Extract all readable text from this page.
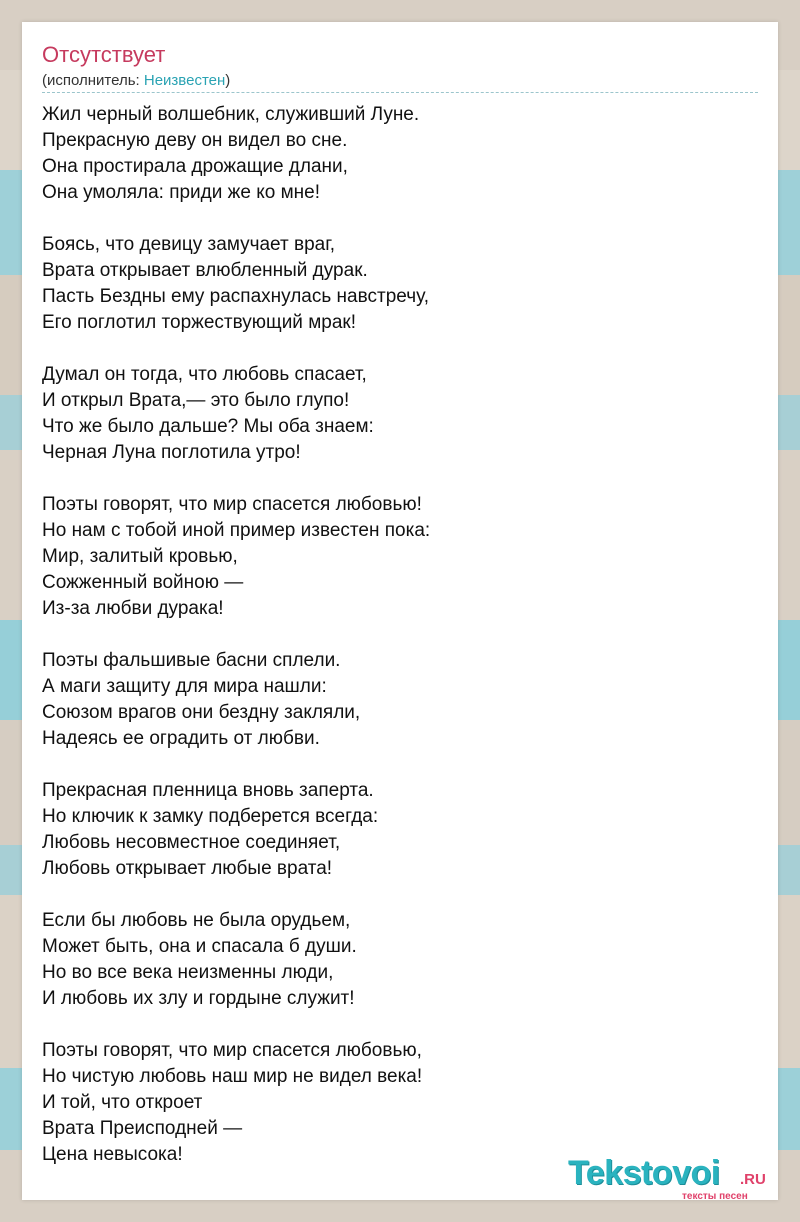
Отсутствует
(исполнитель: Неизвестен)
Жил черный волшебник, служивший Луне.
Прекрасную деву он видел во сне.
Она простирала дрожащие длани,
Она умоляла: приди же ко мне!
Боясь, что девицу замучает враг,
Врата открывает влюбленный дурак.
Пасть Бездны ему распахнулась навстречу,
Его поглотил торжествующий мрак!
Думал он тогда, что любовь спасает,
И открыл Врата,— это было глупо!
Что же было дальше? Мы оба знаем:
Черная Луна поглотила утро!
Поэты говорят, что мир спасется любовью!
Но нам с тобой иной пример известен пока:
Мир, залитый кровью,
Сожженный войною —
Из-за любви дурака!
Поэты фальшивые басни сплели.
А маги защиту для мира нашли:
Союзом врагов они бездну закляли,
Надеясь ее оградить от любви.
Прекрасная пленница вновь заперта.
Но ключик к замку подберется всегда:
Любовь несовместное соединяет,
Любовь открывает любые врата!
Если бы любовь не была орудьем,
Может быть, она и спасала б души.
Но во все века неизменны люди,
И любовь их злу и гордыне служит!
Поэты говорят, что мир спасется любовью,
Но чистую любовь наш мир не видел века!
И той, что откроет
Врата Преисподней —
Цена невысока!	Tekstovoi .RU
тексты песен
